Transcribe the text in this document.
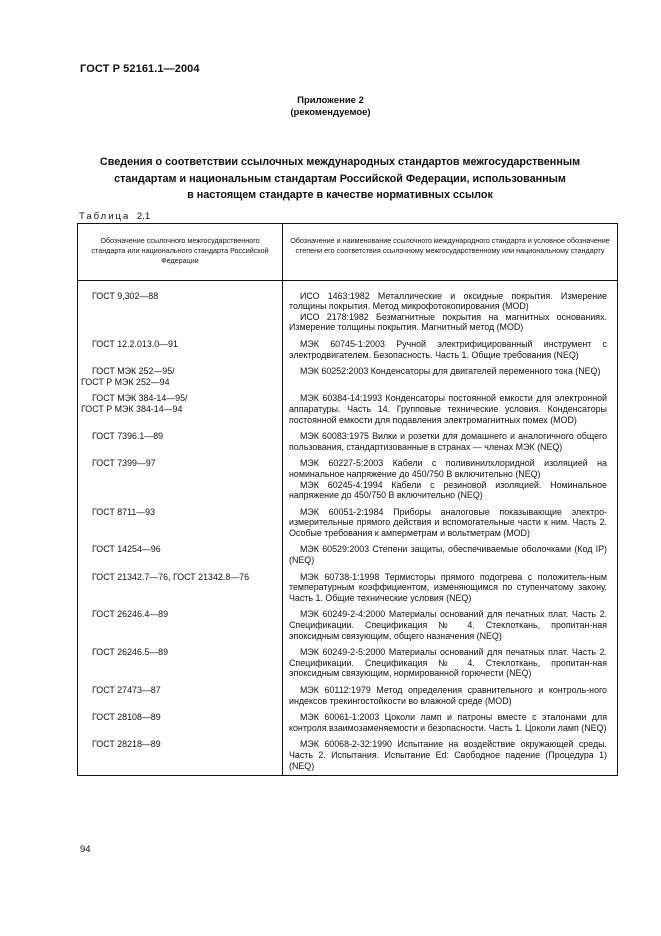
ГОСТ Р 52161.1—2004
Приложение 2
(рекомендуемое)
Сведения о соответствии ссылочных международных стандартов межгосударственным
стандартам и национальным стандартам Российской Федерации, использованным
в настоящем стандарте в качестве нормативных ссылок
Таблица 2.1
Обозначение ссылочного межгосударственного стандарта или национального стандарта Российской Федерации	Обозначение и наименование ссылочного международного стандарта и условное обозначение степени его соответствия ссылочному межгосударственному или национальному стандарту

ГОСТ 9,302—88	ИСО 1463:1982 Металлические и оксидные покрытия. Измерение толщины покрытия. Метод микрофотокопирования (MOD)
ИСО 2178:1982 Безмагнитные покрытия на магнитных основаниях. Измерение толщины покрытия. Магнитный метод (MOD)

ГОСТ 12.2.013.0—91	МЭК 60745-1:2003 Ручной электрифицированный инструмент с электродвигателем. Безопасность. Часть 1. Общие требования (NEQ)

ГОСТ МЭК 252—95/
ГОСТ Р МЭК 252—94	МЭК 60252:2003 Конденсаторы для двигателей переменного тока (NEQ)

ГОСТ МЭК 384-14—95/
ГОСТ Р МЭК 384-14—94	МЭК 60384-14:1993 Конденсаторы постоянной емкости для электронной аппаратуры. Часть 14. Групповые технические условия. Конденсаторы постоянной емкости для подавления электромагнитных помех (MOD)

ГОСТ 7396.1—89	МЭК 60083:1975 Вилки и розетки для домашнего и аналогичного общего пользования, стандартизованные в странах — членах МЭК (NEQ)

ГОСТ 7399—97	МЭК 60227-5:2003 Кабели с поливинилхлоридной изоляцией на номинальное напряжение до 450/750 В включительно (NEQ)
МЭК 60245-4:1994 Кабели с резиновой изоляцией. Номинальное напряжение до 450/750 В включительно (NEQ)

ГОСТ 8711—93	МЭК 60051-2:1984 Приборы аналоговые показывающие электро-измерительные прямого действия и вспомогательные части к ним. Часть 2. Особые требования к амперметрам и вольтметрам (MOD)

ГОСТ 14254—96	МЭК 60529:2003 Степени защиты, обеспечиваемые оболочками (Код IP)(NEQ)

ГОСТ 21342.7—76, ГОСТ 21342.8—76	МЭК 60738-1:1998 Термисторы прямого подогрева с положитель-ным температурным коэффициентом, изменяющимся по ступенчатому закону. Часть 1. Общие технические условия (NEQ)

ГОСТ 26246.4—89	МЭК 60249-2-4:2000 Материалы оснований для печатных плат. Часть 2. Спецификации. Спецификация № 4. Стеклоткань, пропитан-ная эпоксидным связующим, общего назначения (NEQ)

ГОСТ 26246.5—89	МЭК 60249-2-5:2000 Материалы оснований для печатных плат. Часть 2. Спецификации. Спецификация № 4. Стеклоткань, пропитан-ная эпоксидным связующим, нормированной горючести (NEQ)

ГОСТ 27473—87	МЭК 60112:1979 Метод определения сравнительного и контроль-ного индексов трекингостойкости во влажной среде (MOD)

ГОСТ 28108—89	МЭК 60061-1:2003 Цоколи ламп и патроны вместе с эталонами для контроля взаимозаменяемости и безопасности. Часть 1. Цоколи ламп (NEQ)

ГОСТ 28218—89	МЭК 60068-2-32:1990 Испытание на воздействие окружающей среды. Часть 2. Испытания. Испытание Ed: Свободное падение (Процедура 1) (NEQ)
94
